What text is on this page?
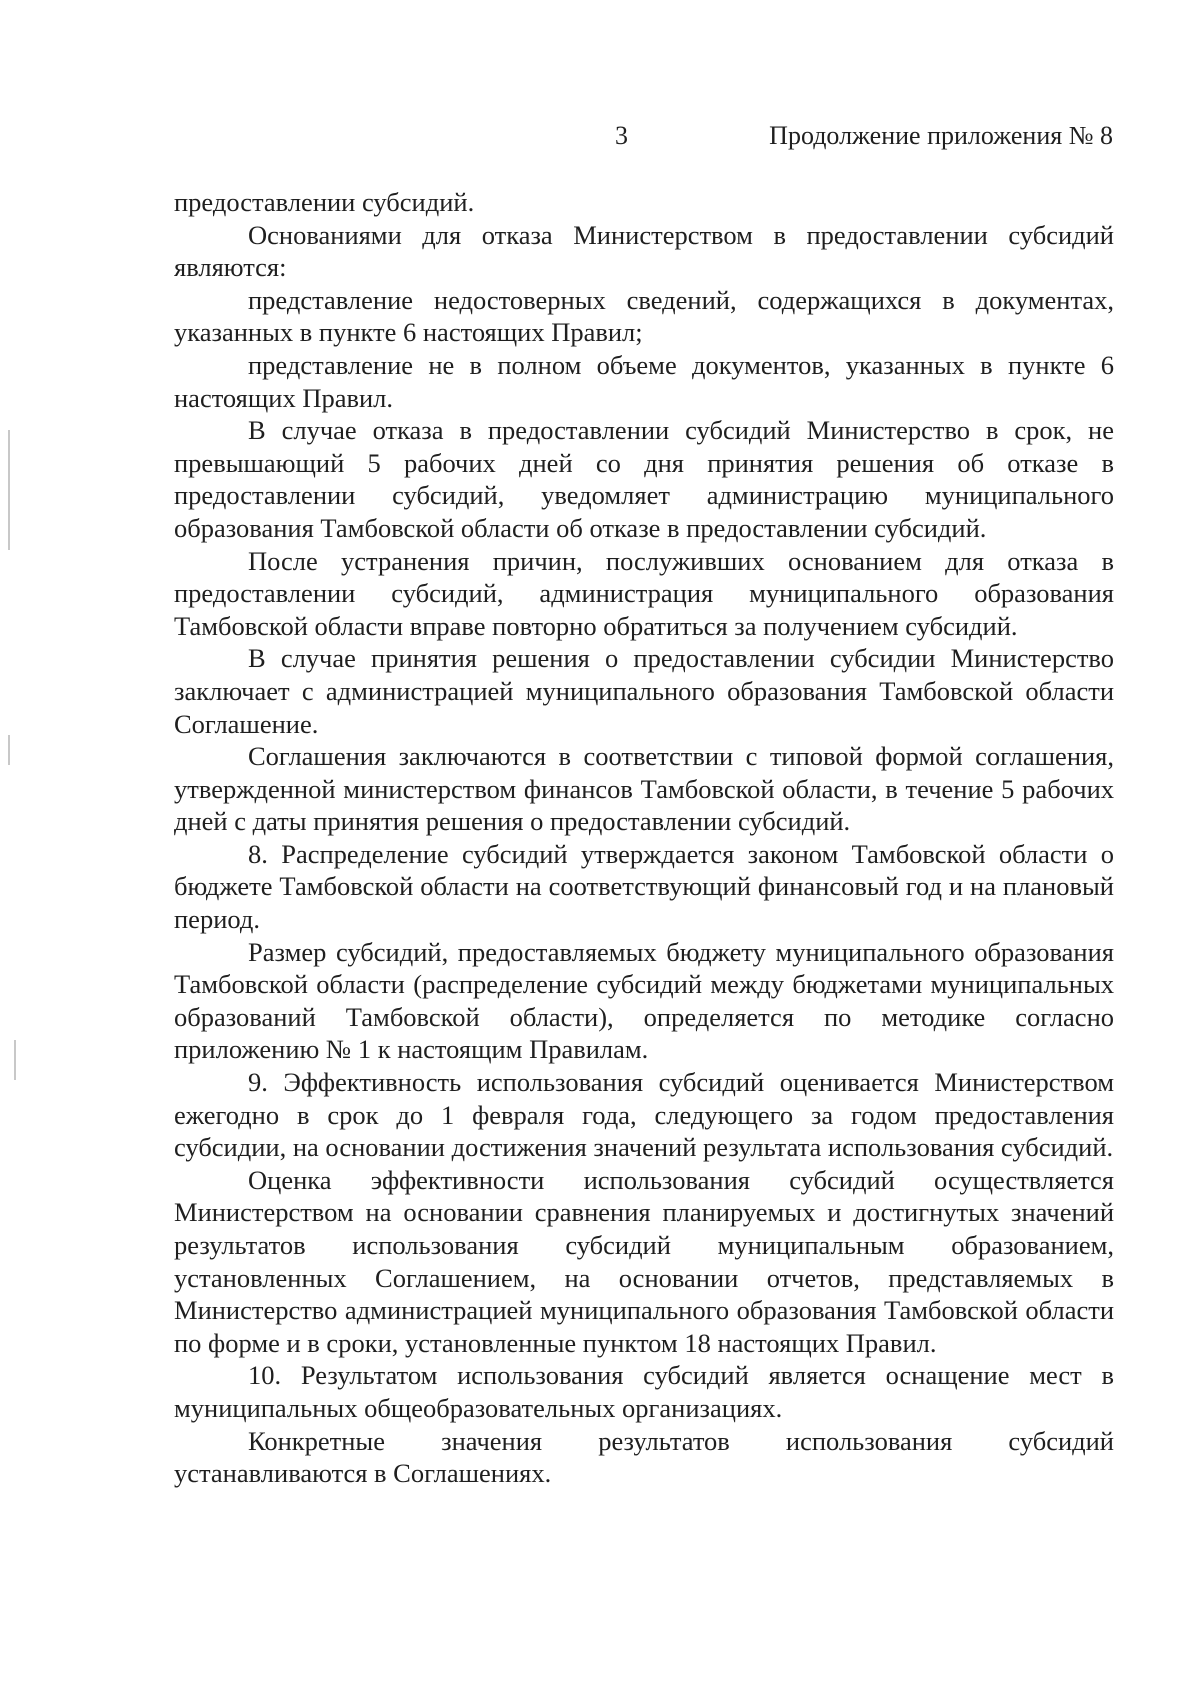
3	Продолжение приложения № 8

предоставлении субсидий.

Основаниями для отказа Министерством в предоставлении субсидий являются:

представление недостоверных сведений, содержащихся в документах, указанных в пункте 6 настоящих Правил;

представление не в полном объеме документов, указанных в пункте 6 настоящих Правил.

В случае отказа в предоставлении субсидий Министерство в срок, не превышающий 5 рабочих дней со дня принятия решения об отказе в предоставлении субсидий, уведомляет администрацию муниципального образования Тамбовской области об отказе в предоставлении субсидий.

После устранения причин, послуживших основанием для отказа в предоставлении субсидий, администрация муниципального образования Тамбовской области вправе повторно обратиться за получением субсидий.

В случае принятия решения о предоставлении субсидии Министерство заключает с администрацией муниципального образования Тамбовской области Соглашение.

Соглашения заключаются в соответствии с типовой формой соглашения, утвержденной министерством финансов Тамбовской области, в течение 5 рабочих дней с даты принятия решения о предоставлении субсидий.

8. Распределение субсидий утверждается законом Тамбовской области о бюджете Тамбовской области на соответствующий финансовый год и на плановый период.

Размер субсидий, предоставляемых бюджету муниципального образования Тамбовской области (распределение субсидий между бюджетами муниципальных образований Тамбовской области), определяется по методике согласно приложению № 1 к настоящим Правилам.

9. Эффективность использования субсидий оценивается Министерством ежегодно в срок до 1 февраля года, следующего за годом предоставления субсидии, на основании достижения значений результата использования субсидий.

Оценка эффективности использования субсидий осуществляется Министерством на основании сравнения планируемых и достигнутых значений результатов использования субсидий муниципальным образованием, установленных Соглашением, на основании отчетов, представляемых в Министерство администрацией муниципального образования Тамбовской области по форме и в сроки, установленные пунктом 18 настоящих Правил.

10. Результатом использования субсидий является оснащение мест в муниципальных общеобразовательных организациях.

Конкретные значения результатов использования субсидий устанавливаются в Соглашениях.
